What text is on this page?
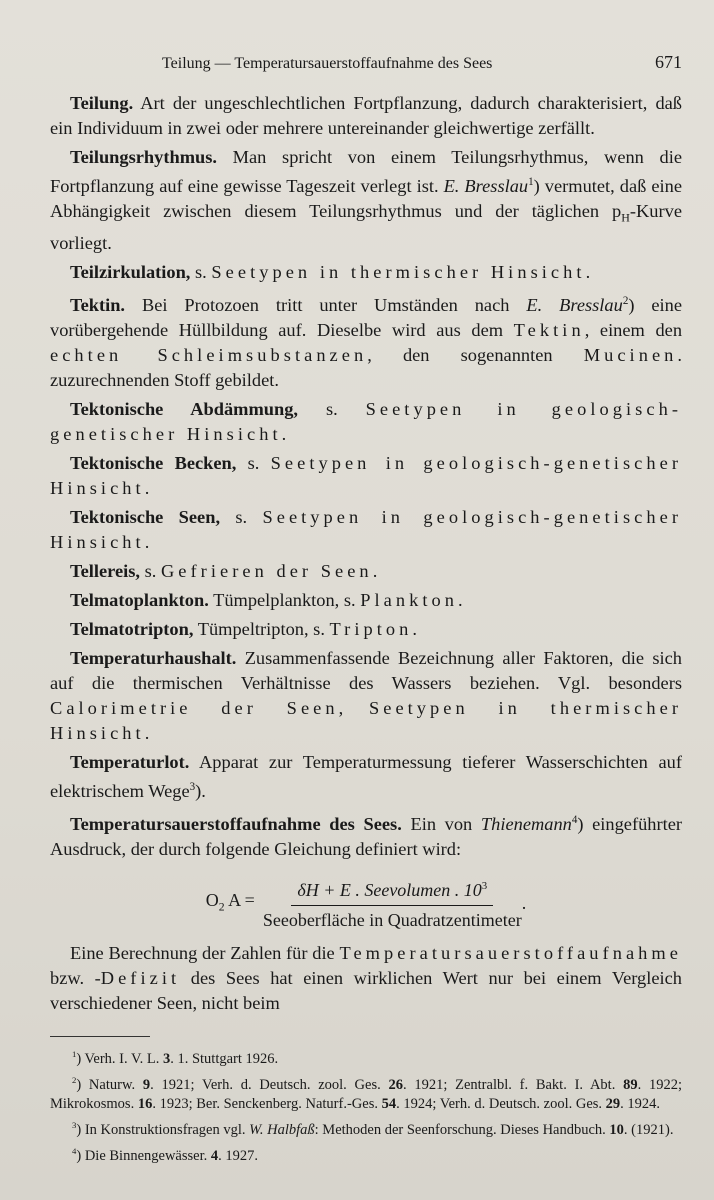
Teilung — Temperatursauerstoffaufnahme des Sees	671

Teilung. Art der ungeschlechtlichen Fortpflanzung, dadurch charakterisiert, daß ein Individuum in zwei oder mehrere untereinander gleichwertige zerfällt.

Teilungsrhythmus. Man spricht von einem Teilungsrhythmus, wenn die Fortpflanzung auf eine gewisse Tageszeit verlegt ist. E. Bresslau$^1$) vermutet, daß eine Abhängigkeit zwischen diesem Teilungsrhythmus und der täglichen $p_H$-Kurve vorliegt.

Teilzirkulation, s. Seetypen in thermischer Hinsicht.

Tektin. Bei Protozoen tritt unter Umständen nach E. Bresslau$^2$) eine vorübergehende Hüllbildung auf. Dieselbe wird aus dem Tektin, einem den echten Schleimsubstanzen, den sogenannten Mucinen. zuzurechnenden Stoff gebildet.

Tektonische Abdämmung, s. Seetypen in geologisch-genetischer Hinsicht.

Tektonische Becken, s. Seetypen in geologisch-genetischer Hinsicht.

Tektonische Seen, s. Seetypen in geologisch-genetischer Hinsicht.

Tellereis, s. Gefrieren der Seen.

Telmatoplankton. Tümpelplankton, s. Plankton.

Telmatotripton, Tümpeltripton, s. Tripton.

Temperaturhaushalt. Zusammenfassende Bezeichnung aller Faktoren, die sich auf die thermischen Verhältnisse des Wassers beziehen. Vgl. besonders Calorimetrie der Seen, Seetypen in thermischer Hinsicht.

Temperaturlot. Apparat zur Temperaturmessung tieferer Wasserschichten auf elektrischem Wege$^3$).

Temperatursauerstoffaufnahme des Sees. Ein von Thienemann$^4$) eingeführter Ausdruck, der durch folgende Gleichung definiert wird:

$O_2$ $A = \frac{\delta H + E . Seevolumen . 10^3}{\text{Seeoberfläche in Quadratzentimeter}}$ .

Eine Berechnung der Zahlen für die Temperatursauerstoffaufnahme bzw. -Defizit des Sees hat einen wirklichen Wert nur bei einem Vergleich verschiedener Seen, nicht beim

$^1$) Verh. I. V. L. 3. 1. Stuttgart 1926.

$^2$) Naturw. 9. 1921; Verh. d. Deutsch. zool. Ges. 26. 1921; Zentralbl. f. Bakt. I. Abt. 89. 1922; Mikrokosmos. 16. 1923; Ber. Senckenberg. Naturf.-Ges. 54. 1924; Verh. d. Deutsch. zool. Ges. 29. 1924.

$^3$) In Konstruktionsfragen vgl. W. Halbfaß: Methoden der Seenforschung. Dieses Handbuch. 10. (1921).

$^4$) Die Binnengewässer. 4. 1927.
